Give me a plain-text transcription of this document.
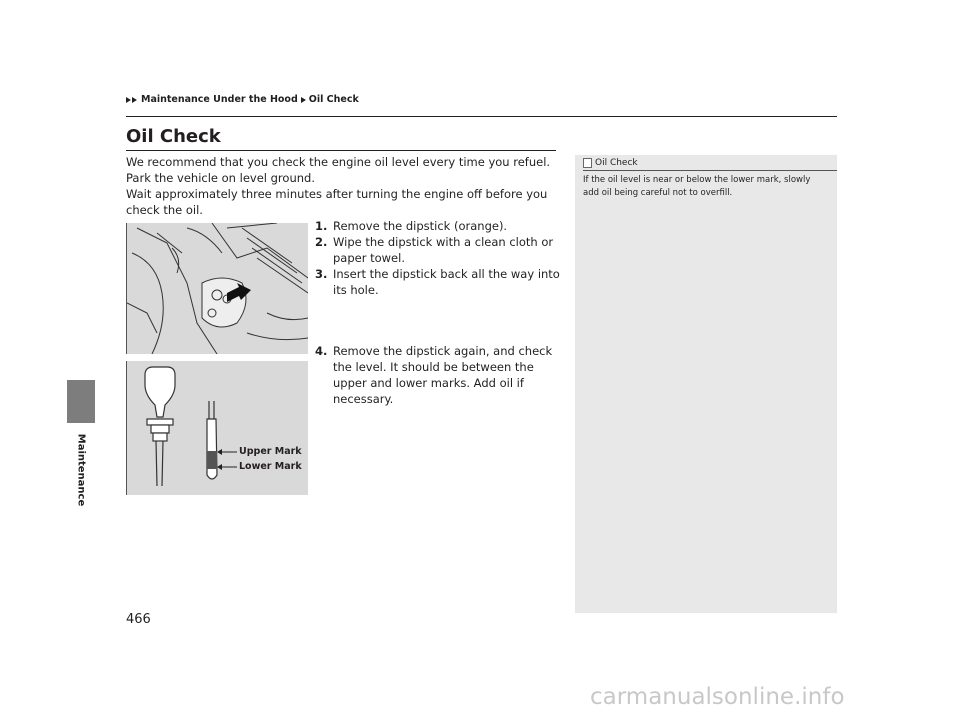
Maintenance Under the Hood Oil Check
Maintenance
Oil Check

We recommend that you check the engine oil level every time you refuel.

Park the vehicle on level ground.

Wait approximately three minutes after turning the engine off before you check the oil.

1. Remove the dipstick (orange).
2. Wipe the dipstick with a clean cloth or paper towel.
3. Insert the dipstick back all the way into its hole.
4. Remove the dipstick again, and check the level. It should be between the upper and lower marks. Add oil if necessary.
Upper Mark
Lower Mark
Oil Check

If the oil level is near or below the lower mark, slowly add oil being careful not to overfill.

466
carmanualsonline.info
